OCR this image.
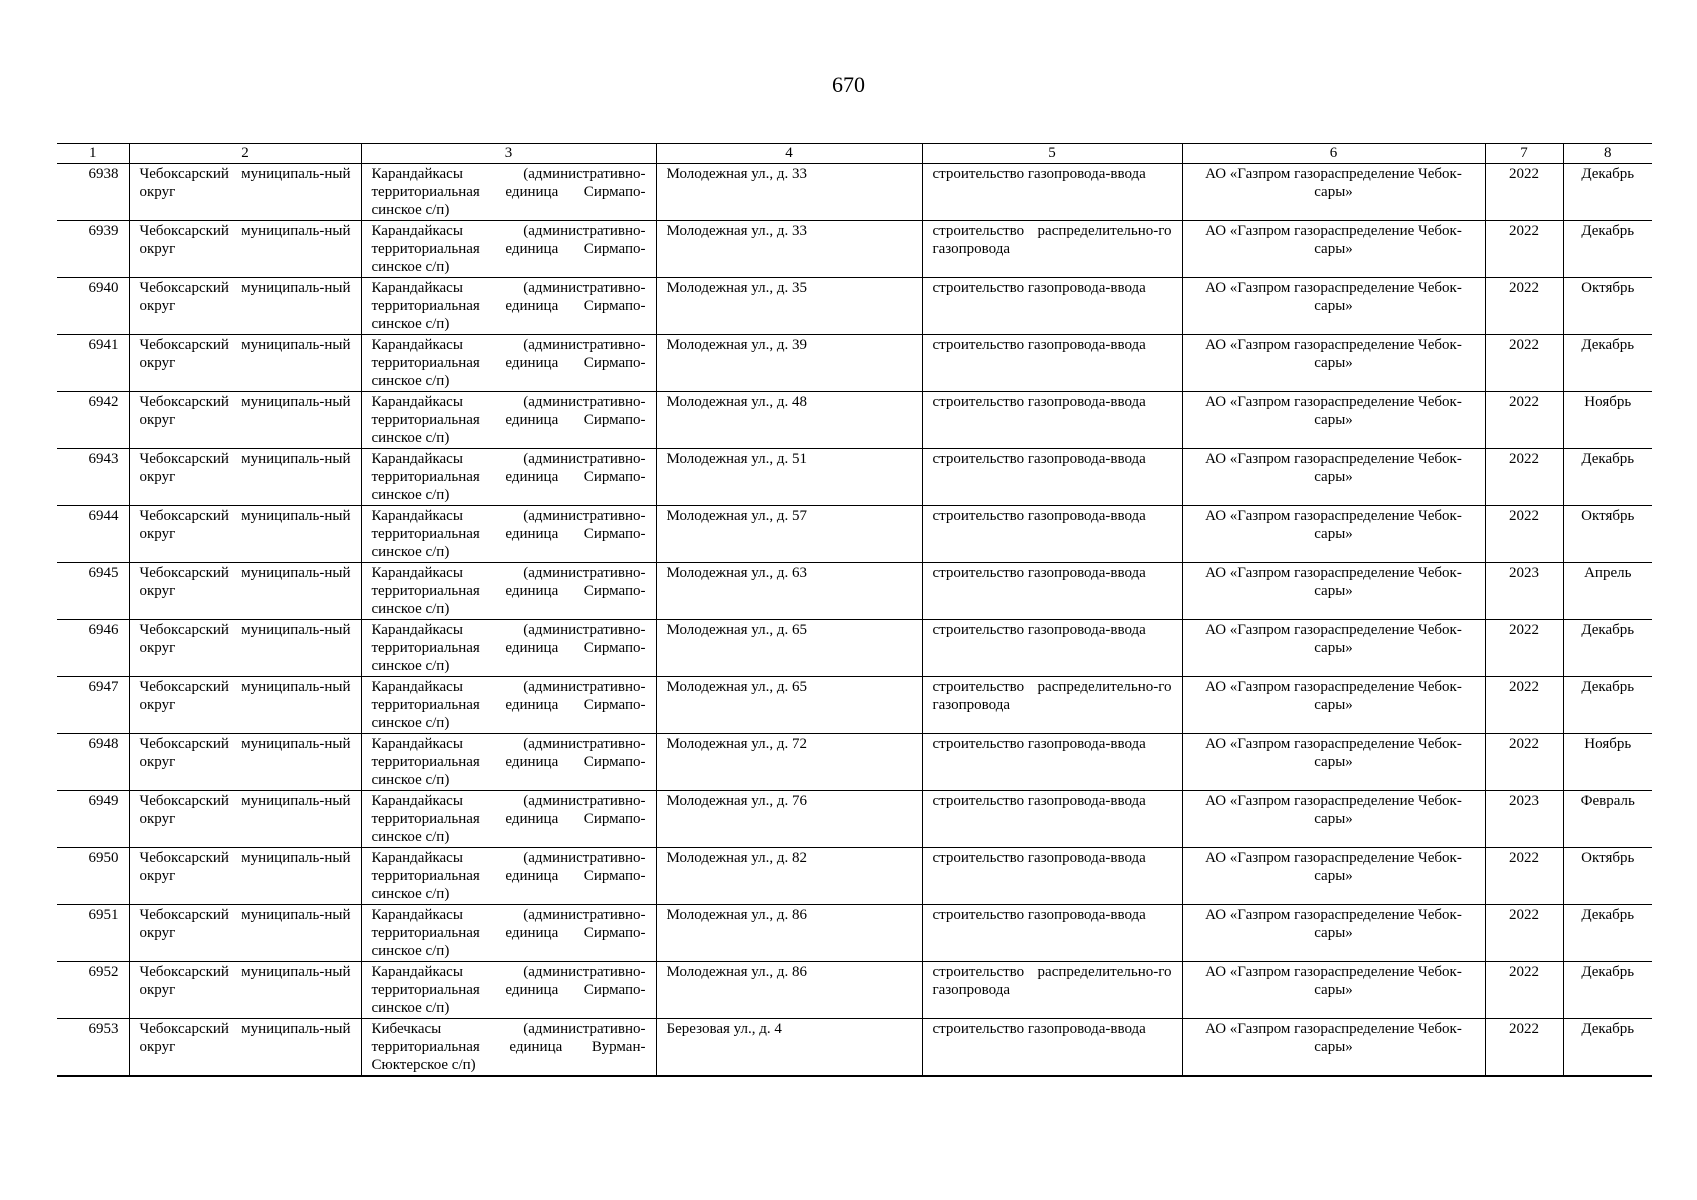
670
1	2	3	4	5	6	7	8
6938	Чебоксарский муниципаль-ный округ	Карандайкасы (административно-территориальная единица Сирмапо-синское с/п)	Молодежная ул., д. 33	строительство газопровода-ввода	АО «Газпром газораспределение Чебок-сары»	2022	Декабрь
6939	Чебоксарский муниципаль-ный округ	Карандайкасы (административно-территориальная единица Сирмапо-синское с/п)	Молодежная ул., д. 33	строительство распределительно-го газопровода	АО «Газпром газораспределение Чебок-сары»	2022	Декабрь
6940	Чебоксарский муниципаль-ный округ	Карандайкасы (административно-территориальная единица Сирмапо-синское с/п)	Молодежная ул., д. 35	строительство газопровода-ввода	АО «Газпром газораспределение Чебок-сары»	2022	Октябрь
6941	Чебоксарский муниципаль-ный округ	Карандайкасы (административно-территориальная единица Сирмапо-синское с/п)	Молодежная ул., д. 39	строительство газопровода-ввода	АО «Газпром газораспределение Чебок-сары»	2022	Декабрь
6942	Чебоксарский муниципаль-ный округ	Карандайкасы (административно-территориальная единица Сирмапо-синское с/п)	Молодежная ул., д. 48	строительство газопровода-ввода	АО «Газпром газораспределение Чебок-сары»	2022	Ноябрь
6943	Чебоксарский муниципаль-ный округ	Карандайкасы (административно-территориальная единица Сирмапо-синское с/п)	Молодежная ул., д. 51	строительство газопровода-ввода	АО «Газпром газораспределение Чебок-сары»	2022	Декабрь
6944	Чебоксарский муниципаль-ный округ	Карандайкасы (административно-территориальная единица Сирмапо-синское с/п)	Молодежная ул., д. 57	строительство газопровода-ввода	АО «Газпром газораспределение Чебок-сары»	2022	Октябрь
6945	Чебоксарский муниципаль-ный округ	Карандайкасы (административно-территориальная единица Сирмапо-синское с/п)	Молодежная ул., д. 63	строительство газопровода-ввода	АО «Газпром газораспределение Чебок-сары»	2023	Апрель
6946	Чебоксарский муниципаль-ный округ	Карандайкасы (административно-территориальная единица Сирмапо-синское с/п)	Молодежная ул., д. 65	строительство газопровода-ввода	АО «Газпром газораспределение Чебок-сары»	2022	Декабрь
6947	Чебоксарский муниципаль-ный округ	Карандайкасы (административно-территориальная единица Сирмапо-синское с/п)	Молодежная ул., д. 65	строительство распределительно-го газопровода	АО «Газпром газораспределение Чебок-сары»	2022	Декабрь
6948	Чебоксарский муниципаль-ный округ	Карандайкасы (административно-территориальная единица Сирмапо-синское с/п)	Молодежная ул., д. 72	строительство газопровода-ввода	АО «Газпром газораспределение Чебок-сары»	2022	Ноябрь
6949	Чебоксарский муниципаль-ный округ	Карандайкасы (административно-территориальная единица Сирмапо-синское с/п)	Молодежная ул., д. 76	строительство газопровода-ввода	АО «Газпром газораспределение Чебок-сары»	2023	Февраль
6950	Чебоксарский муниципаль-ный округ	Карандайкасы (административно-территориальная единица Сирмапо-синское с/п)	Молодежная ул., д. 82	строительство газопровода-ввода	АО «Газпром газораспределение Чебок-сары»	2022	Октябрь
6951	Чебоксарский муниципаль-ный округ	Карандайкасы (административно-территориальная единица Сирмапо-синское с/п)	Молодежная ул., д. 86	строительство газопровода-ввода	АО «Газпром газораспределение Чебок-сары»	2022	Декабрь
6952	Чебоксарский муниципаль-ный округ	Карандайкасы (административно-территориальная единица Сирмапо-синское с/п)	Молодежная ул., д. 86	строительство распределительно-го газопровода	АО «Газпром газораспределение Чебок-сары»	2022	Декабрь
6953	Чебоксарский муниципаль-ный округ	Кибечкасы (административно-территориальная единица Вурман-Сюктерское с/п)	Березовая ул., д. 4	строительство газопровода-ввода	АО «Газпром газораспределение Чебок-сары»	2022	Декабрь
